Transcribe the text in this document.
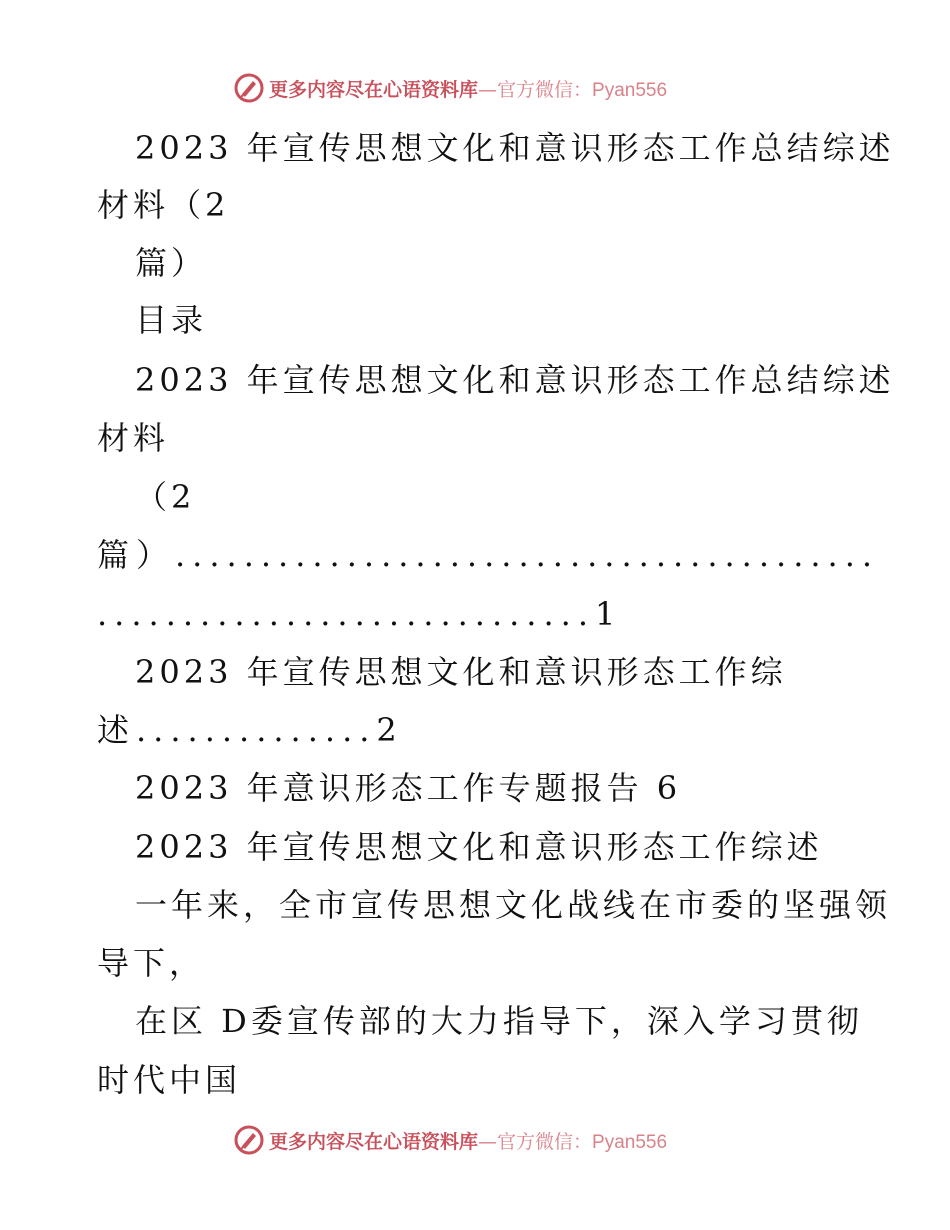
更多内容尽在心语资料库—官方微信：Pyan556
2023 年宣传思想文化和意识形态工作总结综述
材料（2
篇）
目录
2023 年宣传思想文化和意识形态工作总结综述
材料
（2
篇）.........................................
.............................1
2023 年宣传思想文化和意识形态工作综
述..............2
2023 年意识形态工作专题报告 6
2023 年宣传思想文化和意识形态工作综述
一年来，全市宣传思想文化战线在市委的坚强领
导下，
在区 D委宣传部的大力指导下，深入学习贯彻
时代中国
更多内容尽在心语资料库—官方微信：Pyan556
